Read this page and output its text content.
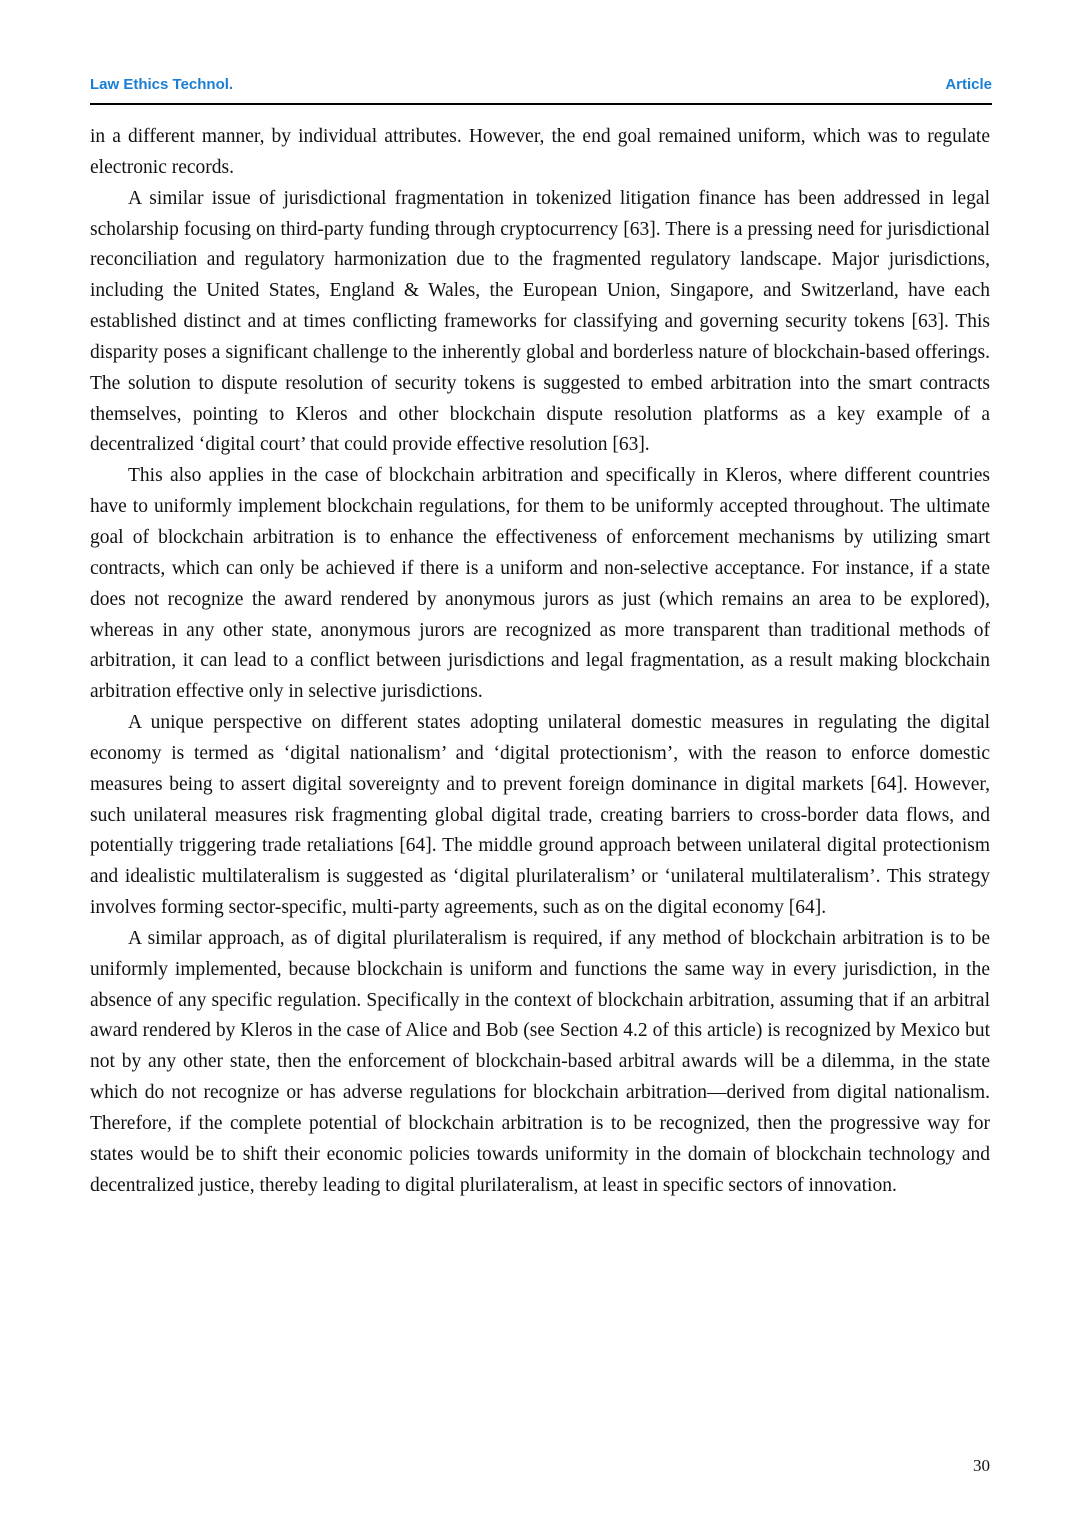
Law Ethics Technol.	Article

in a different manner, by individual attributes. However, the end goal remained uniform, which was to regulate electronic records.

A similar issue of jurisdictional fragmentation in tokenized litigation finance has been addressed in legal scholarship focusing on third-party funding through cryptocurrency [63]. There is a pressing need for jurisdictional reconciliation and regulatory harmonization due to the fragmented regulatory landscape. Major jurisdictions, including the United States, England & Wales, the European Union, Singapore, and Switzerland, have each established distinct and at times conflicting frameworks for classifying and governing security tokens [63]. This disparity poses a significant challenge to the inherently global and borderless nature of blockchain-based offerings. The solution to dispute resolution of security tokens is suggested to embed arbitration into the smart contracts themselves, pointing to Kleros and other blockchain dispute resolution platforms as a key example of a decentralized ‘digital court’ that could provide effective resolution [63].

This also applies in the case of blockchain arbitration and specifically in Kleros, where different countries have to uniformly implement blockchain regulations, for them to be uniformly accepted throughout. The ultimate goal of blockchain arbitration is to enhance the effectiveness of enforcement mechanisms by utilizing smart contracts, which can only be achieved if there is a uniform and non-selective acceptance. For instance, if a state does not recognize the award rendered by anonymous jurors as just (which remains an area to be explored), whereas in any other state, anonymous jurors are recognized as more transparent than traditional methods of arbitration, it can lead to a conflict between jurisdictions and legal fragmentation, as a result making blockchain arbitration effective only in selective jurisdictions.

A unique perspective on different states adopting unilateral domestic measures in regulating the digital economy is termed as ‘digital nationalism’ and ‘digital protectionism’, with the reason to enforce domestic measures being to assert digital sovereignty and to prevent foreign dominance in digital markets [64]. However, such unilateral measures risk fragmenting global digital trade, creating barriers to cross-border data flows, and potentially triggering trade retaliations [64]. The middle ground approach between unilateral digital protectionism and idealistic multilateralism is suggested as ‘digital plurilateralism’ or ‘unilateral multilateralism’. This strategy involves forming sector-specific, multi-party agreements, such as on the digital economy [64].

A similar approach, as of digital plurilateralism is required, if any method of blockchain arbitration is to be uniformly implemented, because blockchain is uniform and functions the same way in every jurisdiction, in the absence of any specific regulation. Specifically in the context of blockchain arbitration, assuming that if an arbitral award rendered by Kleros in the case of Alice and Bob (see Section 4.2 of this article) is recognized by Mexico but not by any other state, then the enforcement of blockchain-based arbitral awards will be a dilemma, in the state which do not recognize or has adverse regulations for blockchain arbitration—derived from digital nationalism. Therefore, if the complete potential of blockchain arbitration is to be recognized, then the progressive way for states would be to shift their economic policies towards uniformity in the domain of blockchain technology and decentralized justice, thereby leading to digital plurilateralism, at least in specific sectors of innovation.

30
